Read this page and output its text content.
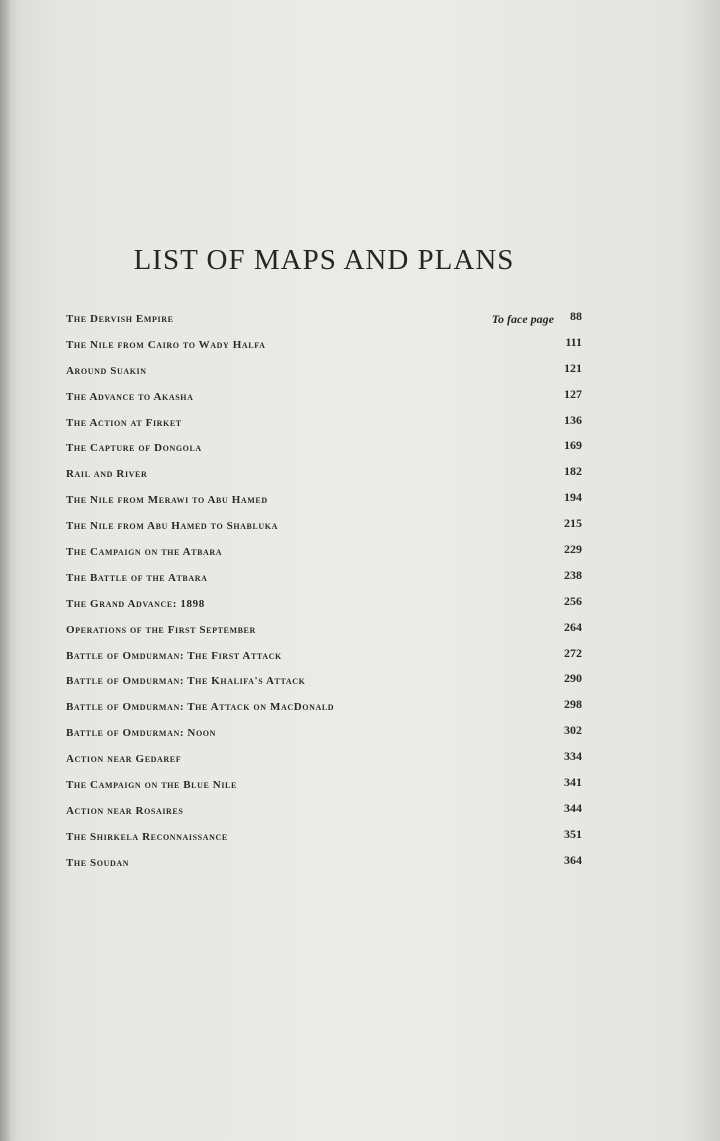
LIST OF MAPS AND PLANS
The Dervish Empire	To face page 88
The Nile from Cairo to Wady Halfa	111
Around Suakin	121
The Advance to Akasha	127
The Action at Firket	136
The Capture of Dongola	169
Rail and River	182
The Nile from Merawi to Abu Hamed	194
The Nile from Abu Hamed to Shabluka	215
The Campaign on the Atbara	229
The Battle of the Atbara	238
The Grand Advance: 1898	256
Operations of the First September	264
Battle of Omdurman: The First Attack	272
Battle of Omdurman: The Khalifa's Attack	290
Battle of Omdurman: The Attack on MacDonald	298
Battle of Omdurman: Noon	302
Action near Gedaref	334
The Campaign on the Blue Nile	341
Action near Rosaires	344
The Shirkela Reconnaissance	351
The Soudan	364
